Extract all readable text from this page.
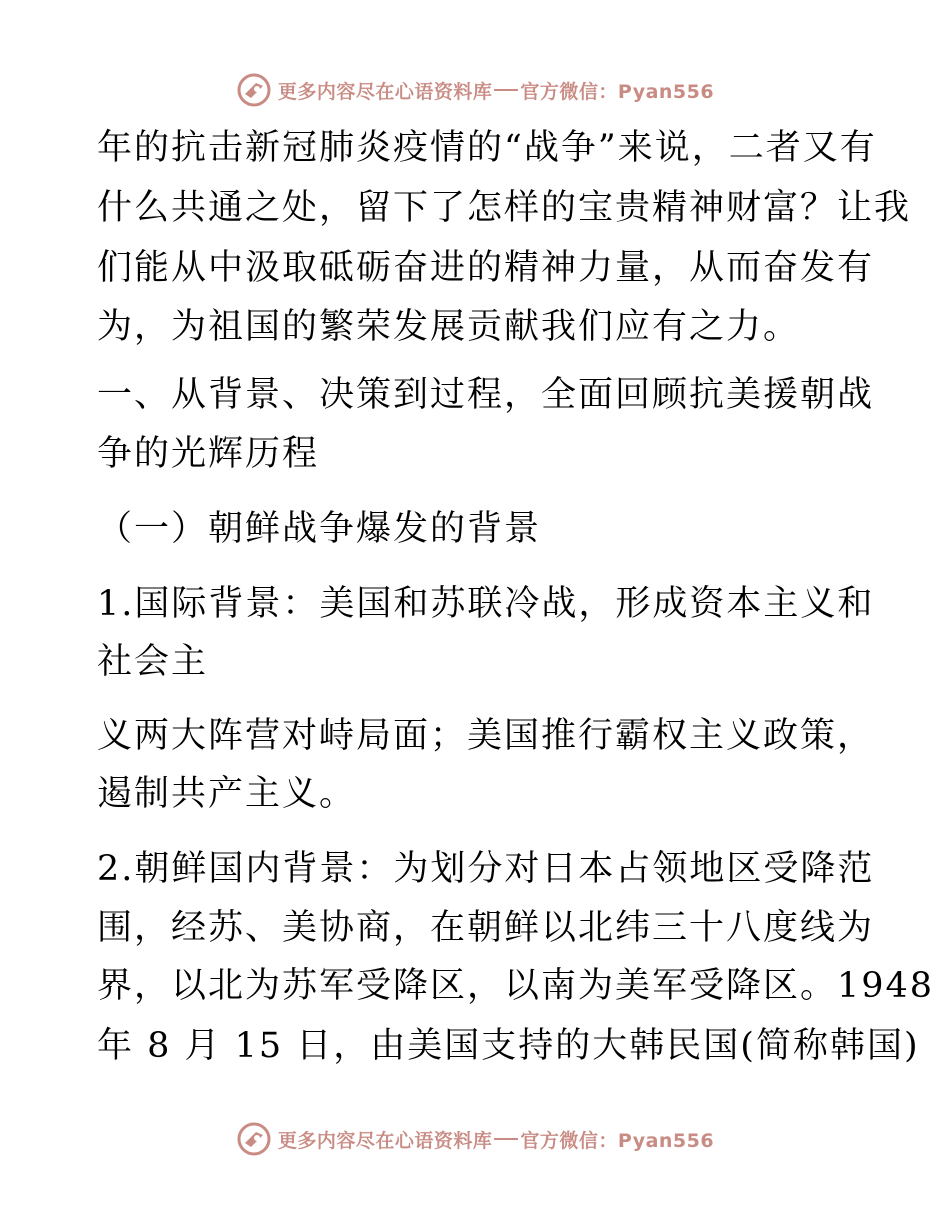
更多内容尽在心语资料库 官方微信：Pyan556
年的抗击新冠肺炎疫情的“战争”来说，二者又有
什么共通之处，留下了怎样的宝贵精神财富？让我
们能从中汲取砥砺奋进的精神力量，从而奋发有
为，为祖国的繁荣发展贡献我们应有之力。
一、从背景、决策到过程，全面回顾抗美援朝战
争的光辉历程
（一）朝鲜战争爆发的背景
1.国际背景：美国和苏联冷战，形成资本主义和
社会主
义两大阵营对峙局面；美国推行霸权主义政策，
遏制共产主义。
2.朝鲜国内背景：为划分对日本占领地区受降范
围，经苏、美协商，在朝鲜以北纬三十八度线为
界，以北为苏军受降区，以南为美军受降区。1948
年 8 月 15 日，由美国支持的大韩民国(简称韩国)
更多内容尽在心语资料库 官方微信：Pyan556
